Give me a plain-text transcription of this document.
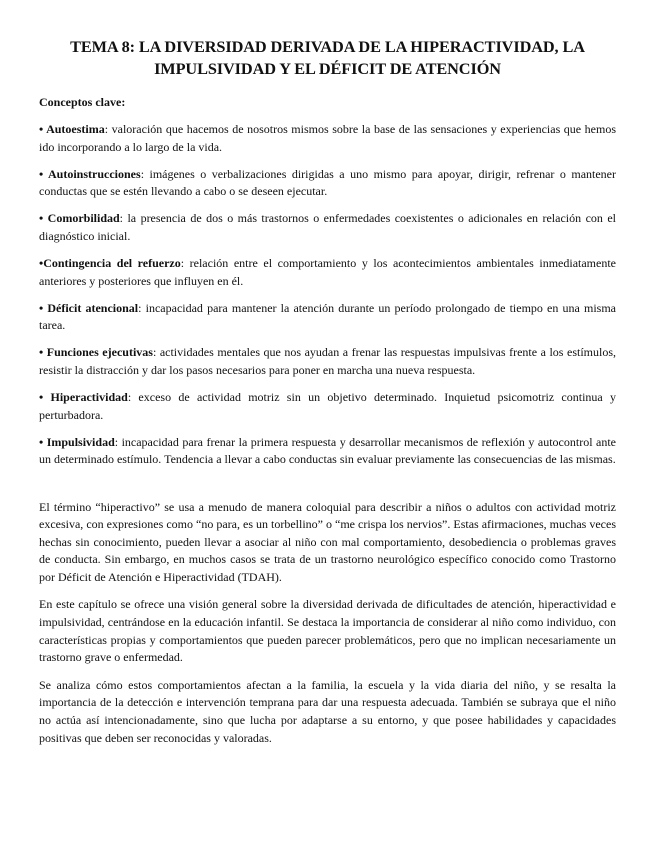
TEMA 8: LA DIVERSIDAD DERIVADA DE LA HIPERACTIVIDAD, LA IMPULSIVIDAD Y EL DÉFICIT DE ATENCIÓN
Conceptos clave:
• Autoestima: valoración que hacemos de nosotros mismos sobre la base de las sensaciones y experiencias que hemos ido incorporando a lo largo de la vida.
• Autoinstrucciones: imágenes o verbalizaciones dirigidas a uno mismo para apoyar, dirigir, refrenar o mantener conductas que se estén llevando a cabo o se deseen ejecutar.
• Comorbilidad: la presencia de dos o más trastornos o enfermedades coexistentes o adicionales en relación con el diagnóstico inicial.
•Contingencia del refuerzo: relación entre el comportamiento y los acontecimientos ambientales inmediatamente anteriores y posteriores que influyen en él.
• Déficit atencional: incapacidad para mantener la atención durante un período prolongado de tiempo en una misma tarea.
• Funciones ejecutivas: actividades mentales que nos ayudan a frenar las respuestas impulsivas frente a los estímulos, resistir la distracción y dar los pasos necesarios para poner en marcha una nueva respuesta.
• Hiperactividad: exceso de actividad motriz sin un objetivo determinado. Inquietud psicomotriz continua y perturbadora.
• Impulsividad: incapacidad para frenar la primera respuesta y desarrollar mecanismos de reflexión y autocontrol ante un determinado estímulo. Tendencia a llevar a cabo conductas sin evaluar previamente las consecuencias de las mismas.

El término “hiperactivo” se usa a menudo de manera coloquial para describir a niños o adultos con actividad motriz excesiva, con expresiones como “no para, es un torbellino” o “me crispa los nervios”. Estas afirmaciones, muchas veces hechas sin conocimiento, pueden llevar a asociar al niño con mal comportamiento, desobediencia o problemas graves de conducta. Sin embargo, en muchos casos se trata de un trastorno neurológico específico conocido como Trastorno por Déficit de Atención e Hiperactividad (TDAH).

En este capítulo se ofrece una visión general sobre la diversidad derivada de dificultades de atención, hiperactividad e impulsividad, centrándose en la educación infantil. Se destaca la importancia de considerar al niño como individuo, con características propias y comportamientos que pueden parecer problemáticos, pero que no implican necesariamente un trastorno grave o enfermedad.

Se analiza cómo estos comportamientos afectan a la familia, la escuela y la vida diaria del niño, y se resalta la importancia de la detección e intervención temprana para dar una respuesta adecuada. También se subraya que el niño no actúa así intencionadamente, sino que lucha por adaptarse a su entorno, y que posee habilidades y capacidades positivas que deben ser reconocidas y valoradas.
